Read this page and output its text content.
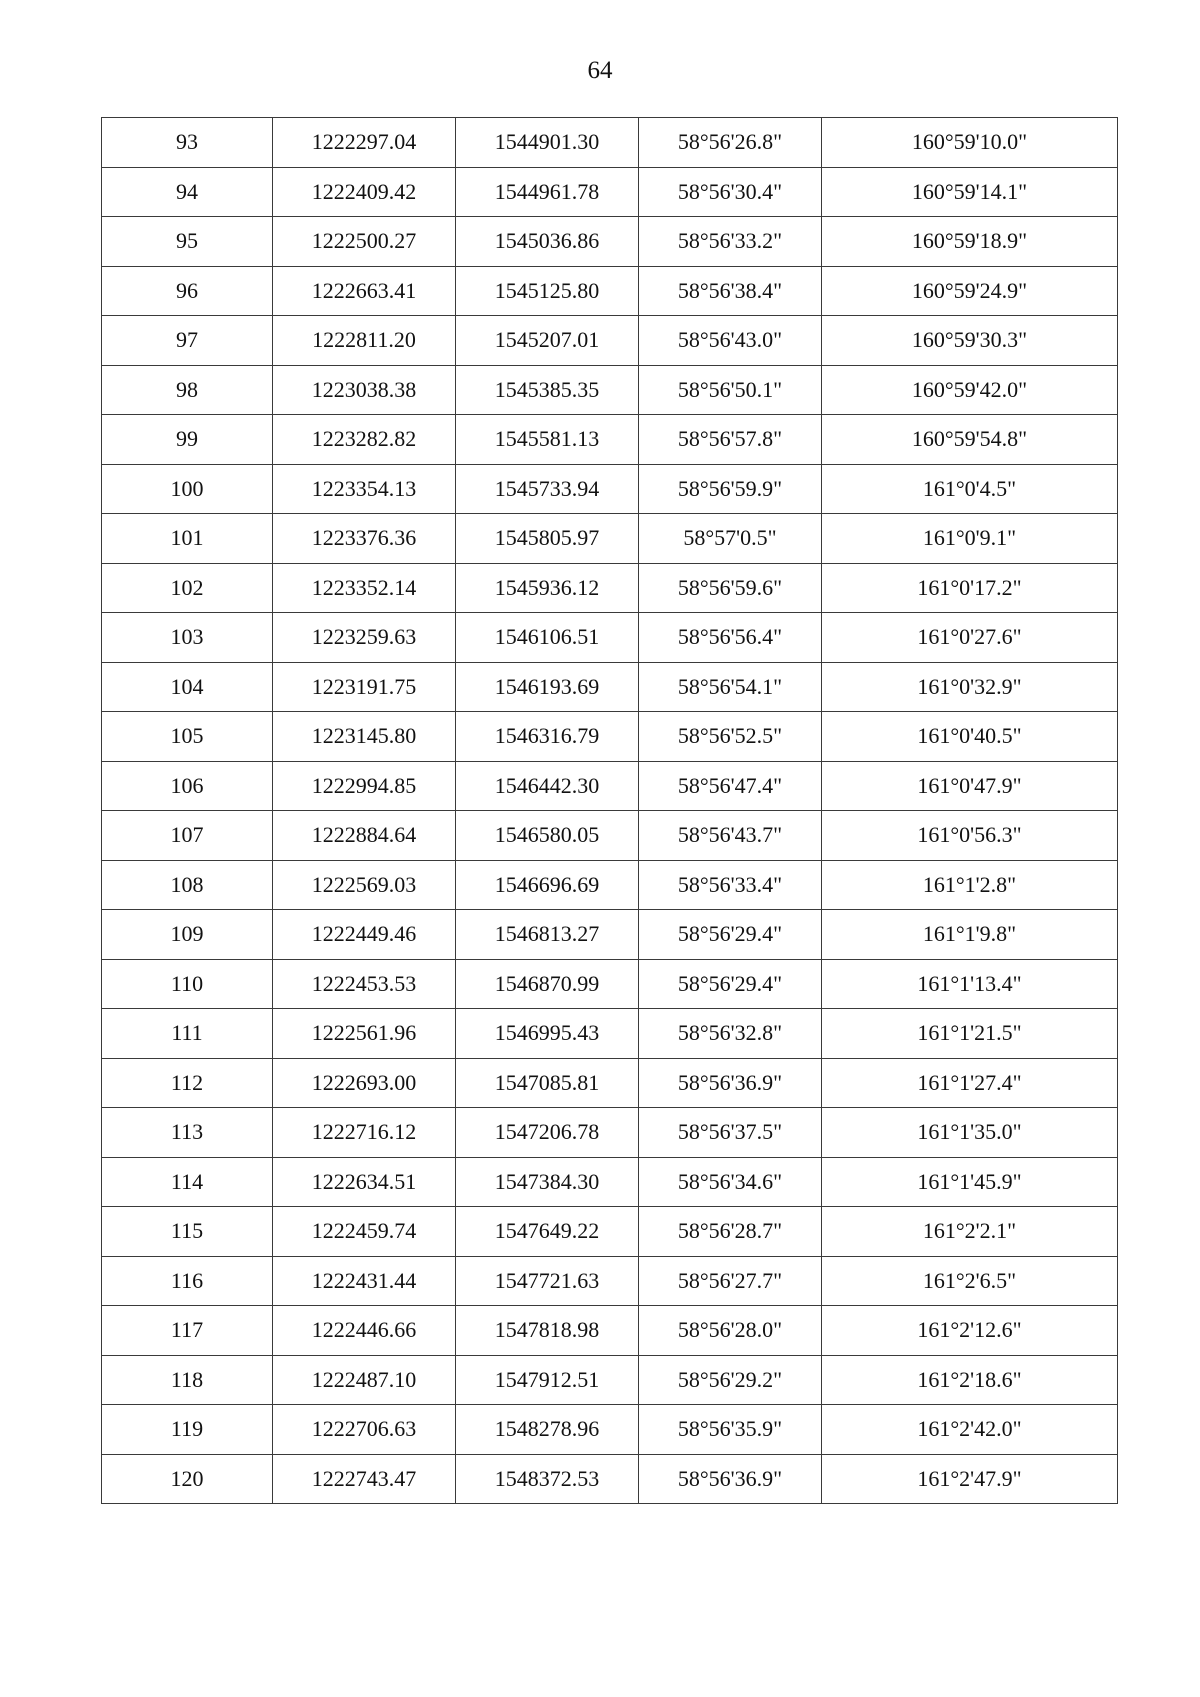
64
93	1222297.04	1544901.30	58°56'26.8"	160°59'10.0"
94	1222409.42	1544961.78	58°56'30.4"	160°59'14.1"
95	1222500.27	1545036.86	58°56'33.2"	160°59'18.9"
96	1222663.41	1545125.80	58°56'38.4"	160°59'24.9"
97	1222811.20	1545207.01	58°56'43.0"	160°59'30.3"
98	1223038.38	1545385.35	58°56'50.1"	160°59'42.0"
99	1223282.82	1545581.13	58°56'57.8"	160°59'54.8"
100	1223354.13	1545733.94	58°56'59.9"	161°0'4.5"
101	1223376.36	1545805.97	58°57'0.5"	161°0'9.1"
102	1223352.14	1545936.12	58°56'59.6"	161°0'17.2"
103	1223259.63	1546106.51	58°56'56.4"	161°0'27.6"
104	1223191.75	1546193.69	58°56'54.1"	161°0'32.9"
105	1223145.80	1546316.79	58°56'52.5"	161°0'40.5"
106	1222994.85	1546442.30	58°56'47.4"	161°0'47.9"
107	1222884.64	1546580.05	58°56'43.7"	161°0'56.3"
108	1222569.03	1546696.69	58°56'33.4"	161°1'2.8"
109	1222449.46	1546813.27	58°56'29.4"	161°1'9.8"
110	1222453.53	1546870.99	58°56'29.4"	161°1'13.4"
111	1222561.96	1546995.43	58°56'32.8"	161°1'21.5"
112	1222693.00	1547085.81	58°56'36.9"	161°1'27.4"
113	1222716.12	1547206.78	58°56'37.5"	161°1'35.0"
114	1222634.51	1547384.30	58°56'34.6"	161°1'45.9"
115	1222459.74	1547649.22	58°56'28.7"	161°2'2.1"
116	1222431.44	1547721.63	58°56'27.7"	161°2'6.5"
117	1222446.66	1547818.98	58°56'28.0"	161°2'12.6"
118	1222487.10	1547912.51	58°56'29.2"	161°2'18.6"
119	1222706.63	1548278.96	58°56'35.9"	161°2'42.0"
120	1222743.47	1548372.53	58°56'36.9"	161°2'47.9"
